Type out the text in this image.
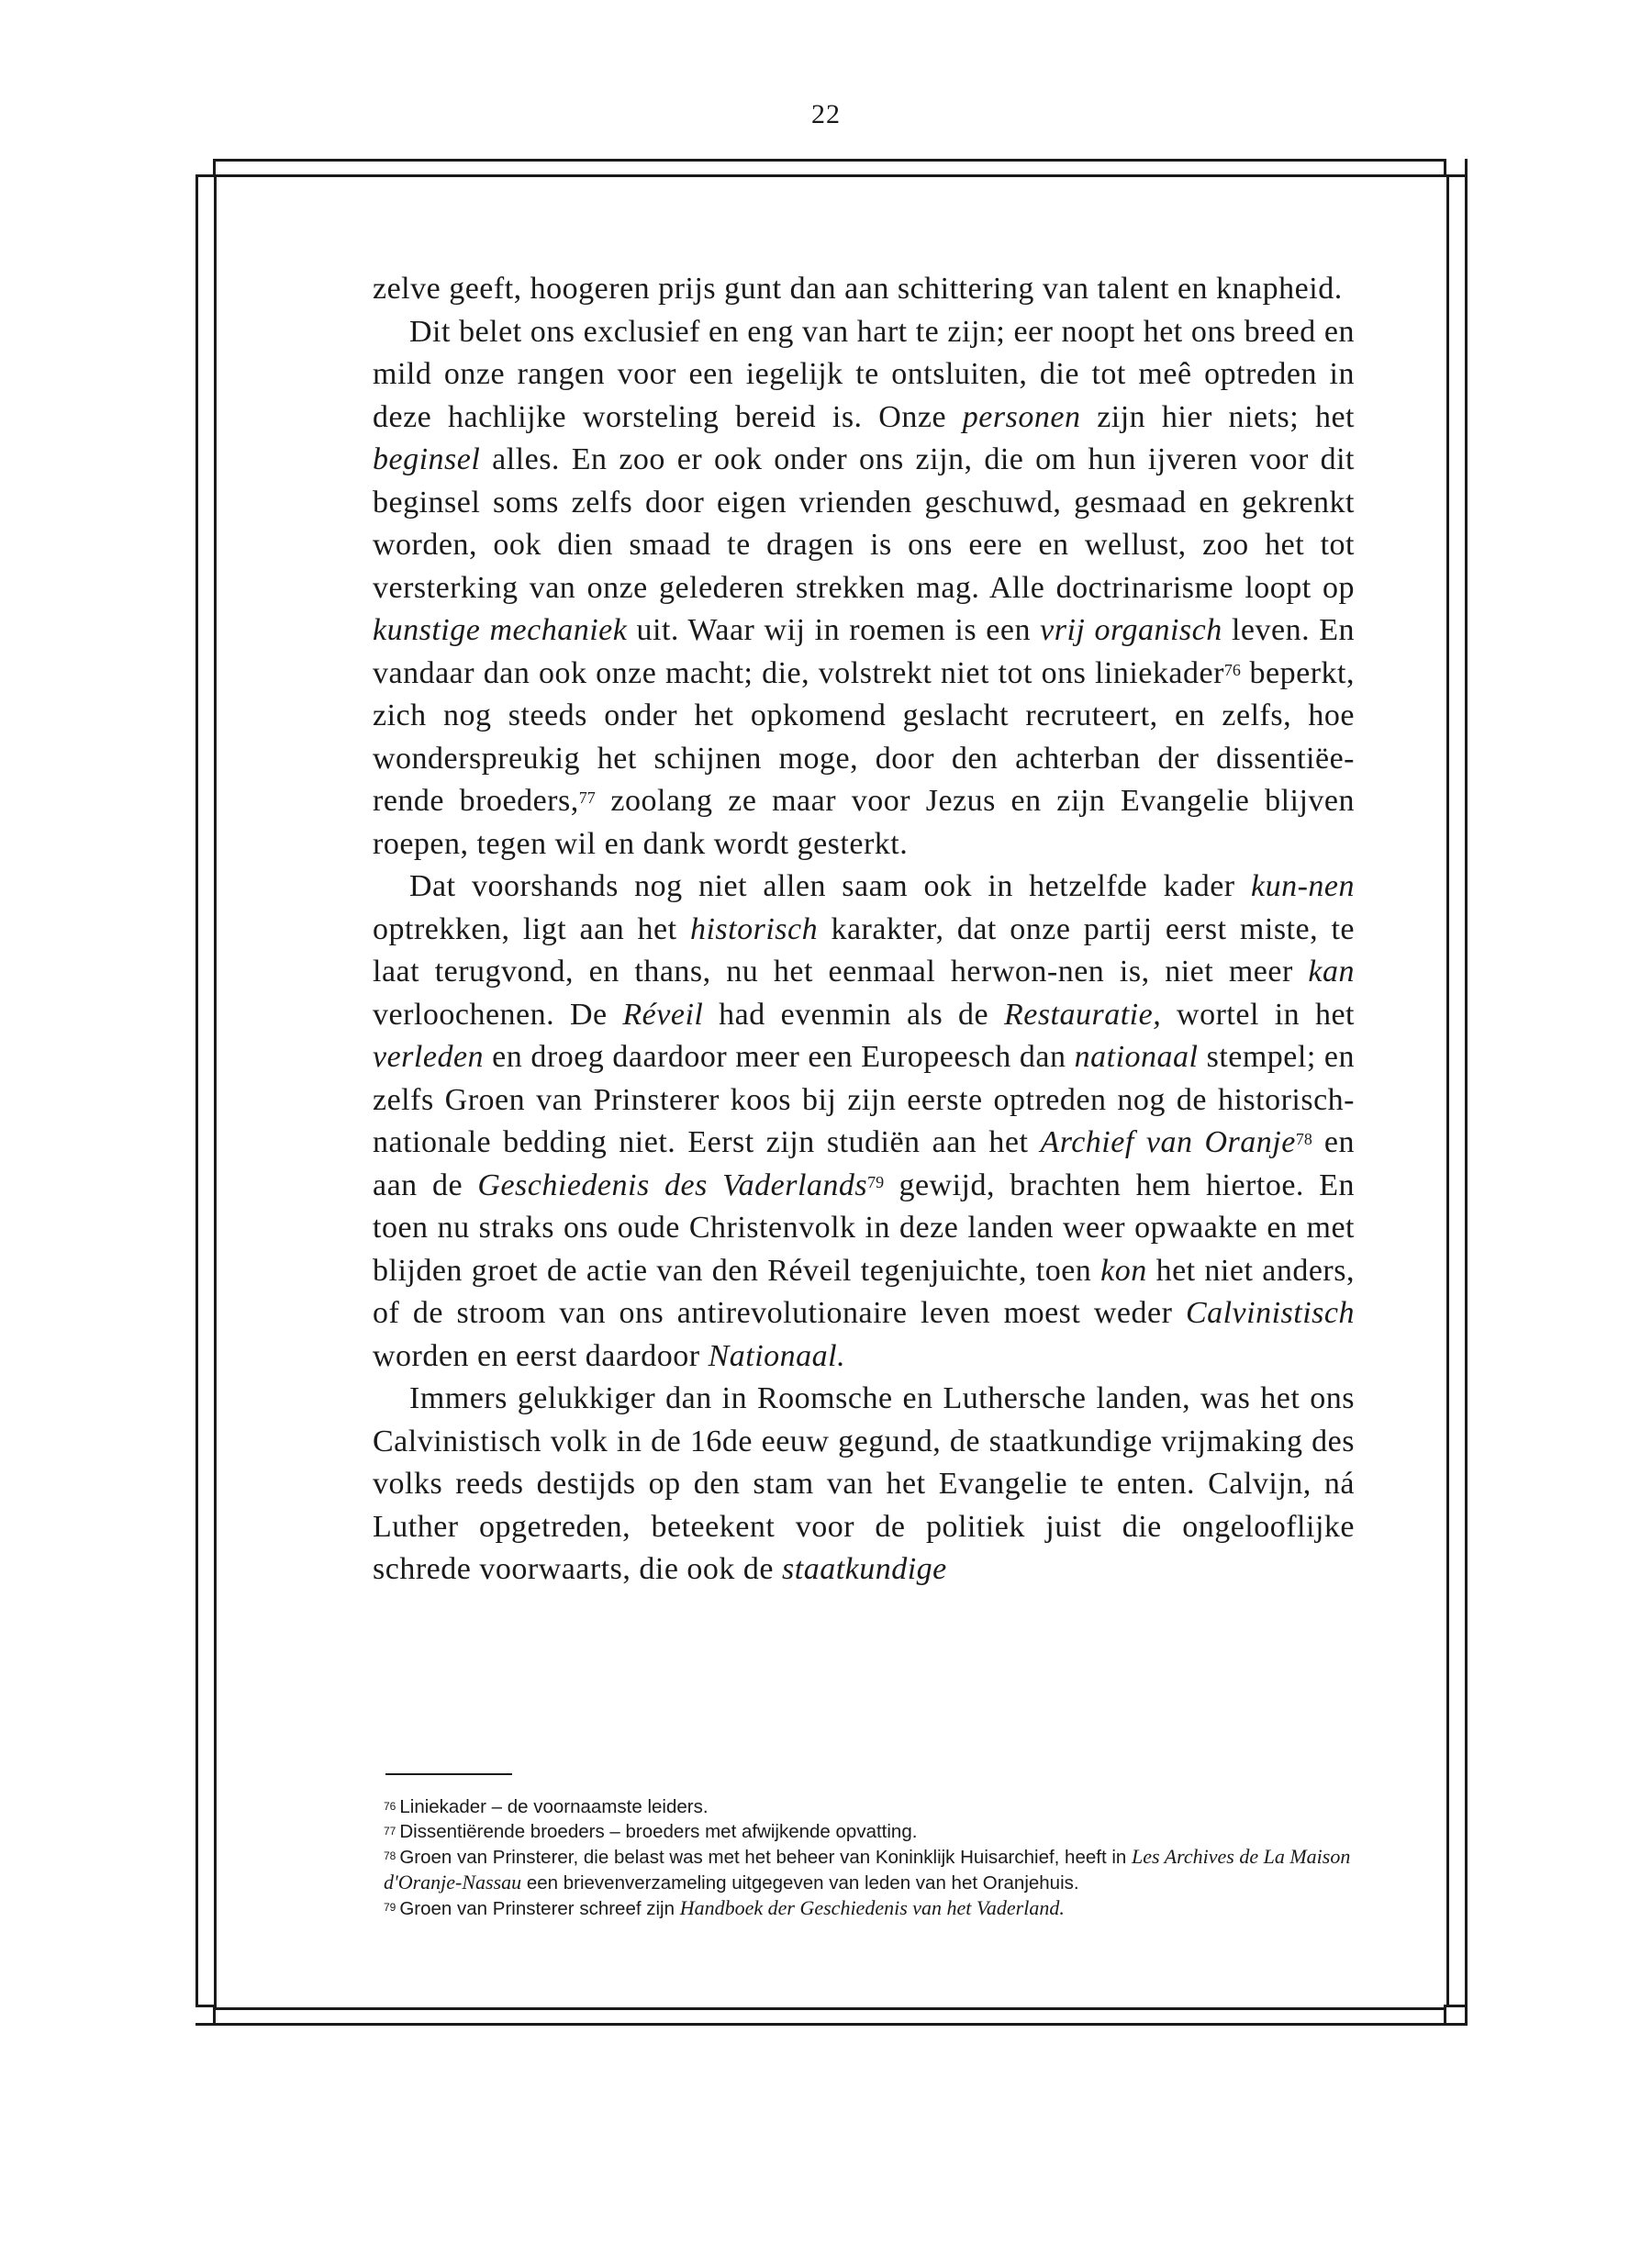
22

zelve geeft, hoogeren prijs gunt dan aan schittering van talent en knapheid.

Dit belet ons exclusief en eng van hart te zijn; eer noopt het ons breed en mild onze rangen voor een iegelijk te ontsluiten, die tot meê optreden in deze hachlijke worsteling bereid is. Onze personen zijn hier niets; het beginsel alles. En zoo er ook onder ons zijn, die om hun ijveren voor dit beginsel soms zelfs door eigen vrienden geschuwd, gesmaad en gekrenkt worden, ook dien smaad te dragen is ons eere en wellust, zoo het tot versterking van onze gelederen strekken mag. Alle doctrinarisme loopt op kunstige mechaniek uit. Waar wij in roemen is een vrij organisch leven. En vandaar dan ook onze macht; die, volstrekt niet tot ons liniekader$^{76}$ beperkt, zich nog steeds onder het opkomend geslacht recruteert, en zelfs, hoe wonderspreukig het schijnen moge, door den achterban der dissentiëe-rende broeders,$^{77}$ zoolang ze maar voor Jezus en zijn Evangelie blijven roepen, tegen wil en dank wordt gesterkt.

Dat voorshands nog niet allen saam ook in hetzelfde kader kun-nen optrekken, ligt aan het historisch karakter, dat onze partij eerst miste, te laat terugvond, en thans, nu het eenmaal herwon-nen is, niet meer kan verloochenen. De Réveil had evenmin als de Restauratie, wortel in het verleden en droeg daardoor meer een Europeesch dan nationaal stempel; en zelfs Groen van Prinsterer koos bij zijn eerste optreden nog de historisch-nationale bedding niet. Eerst zijn studiën aan het Archief van Oranje$^{78}$ en aan de Geschiedenis des Vaderlands$^{79}$ gewijd, brachten hem hiertoe. En toen nu straks ons oude Christenvolk in deze landen weer opwaakte en met blijden groet de actie van den Réveil tegenjuichte, toen kon het niet anders, of de stroom van ons antirevolutionaire leven moest weder Calvinistisch worden en eerst daardoor Nationaal.

Immers gelukkiger dan in Roomsche en Luthersche landen, was het ons Calvinistisch volk in de 16de eeuw gegund, de staatkundige vrijmaking des volks reeds destijds op den stam van het Evangelie te enten. Calvijn, ná Luther opgetreden, beteekent voor de politiek juist die ongelooflijke schrede voorwaarts, die ook de staatkundige

$^{76}$ Liniekader – de voornaamste leiders.
$^{77}$ Dissentiërende broeders – broeders met afwijkende opvatting.
$^{78}$ Groen van Prinsterer, die belast was met het beheer van Koninklijk Huisarchief, heeft in Les Archives de La Maison d'Oranje-Nassau een brievenverzameling uitgegeven van leden van het Oranjehuis.
$^{79}$ Groen van Prinsterer schreef zijn Handboek der Geschiedenis van het Vaderland.
